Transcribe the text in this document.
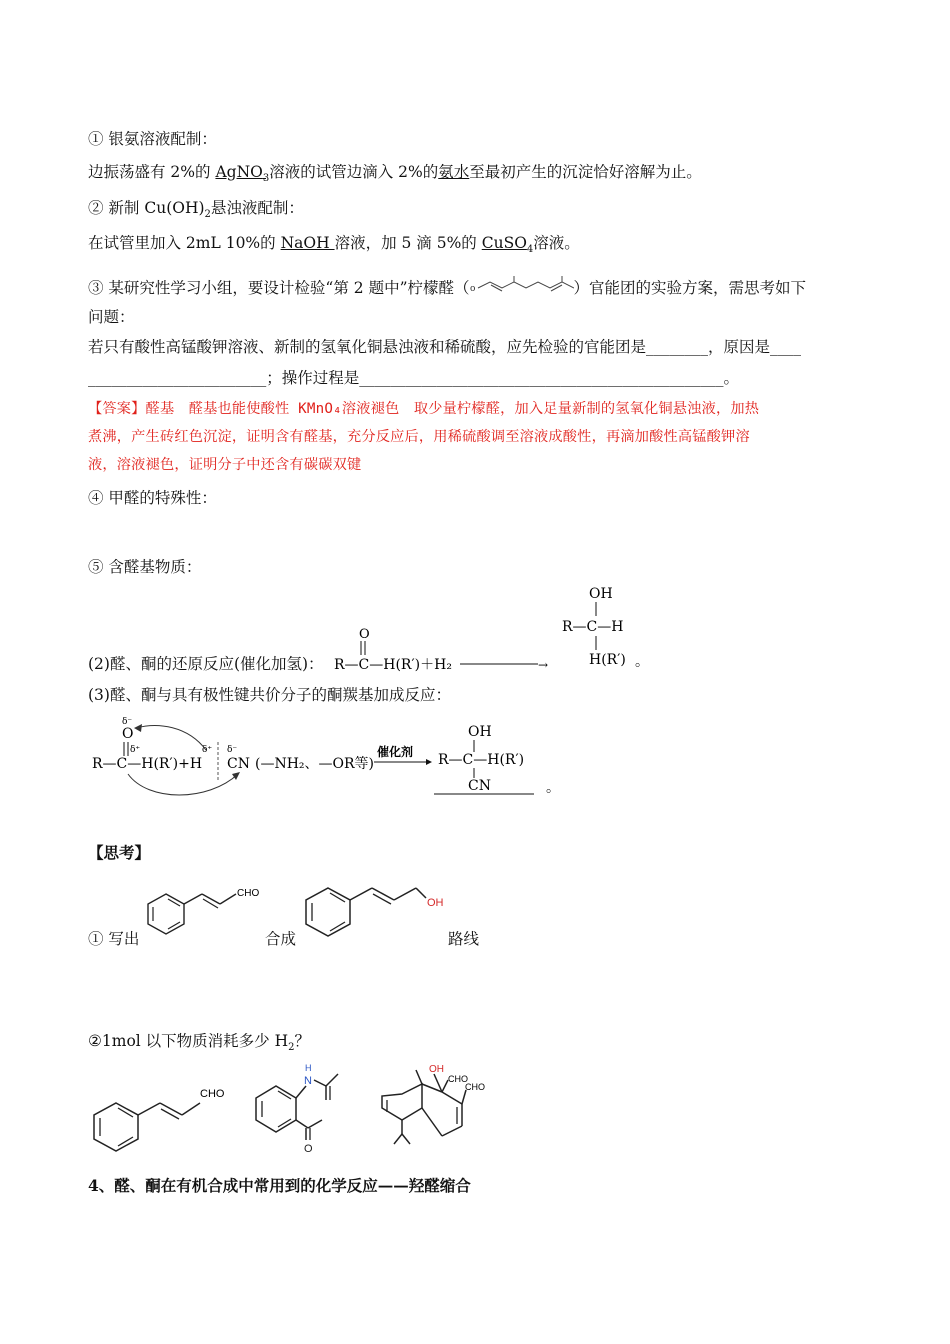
① 银氨溶液配制：
边振荡盛有 2%的 AgNO$_3$溶液的试管边滴入 2%的氨水至最初产生的沉淀恰好溶解为止。
② 新制 $Cu(OH)_2$悬浊液配制：
在试管里加入 2mL 10%的 NaOH 溶液，加 5 滴 5%的 CuSO$_4$溶液。
③ 某研究性学习小组，要设计检验“第 2 题中”柠檬醛（ o	）官能团的实验方案，需思考如下
问题：
若只有酸性高锰酸钾溶液、新制的氢氧化铜悬浊液和稀硫酸，应先检验的官能团是________，原因是____
_______________________；操作过程是_______________________________________________。
【答案】醛基　醛基也能使酸性 KMnO₄溶液褪色　取少量柠檬醛，加入足量新制的氢氧化铜悬浊液，加热
煮沸，产生砖红色沉淀，证明含有醛基，充分反应后，用稀硫酸调至溶液成酸性，再滴加酸性高锰酸钾溶
液，溶液褪色，证明分子中还含有碳碳双键
④ 甲醛的特殊性：
⑤ 含醛基物质：
(2)醛、酮的还原反应(催化加氢)：
O
R—C—H(R′)＋H₂	→
OH
R—C—H
H(R′) 。
(3)醛、酮与具有极性键共价分子的酮羰基加成反应：
δ⁻
O
δ⁺
R—C—H(R′)+H
δ⁺ δ⁻
CN (—NH₂、—OR等)
催化剂
OH
R—C—H(R′)
CN	。
【思考】
① 写出	合成	路线
CHO
OH
②1mol 以下物质消耗多少 $H_2$？
CHO
N
H
O
OH
CHO
CHO
4、醛、酮在有机合成中常用到的化学反应——羟醛缩合
